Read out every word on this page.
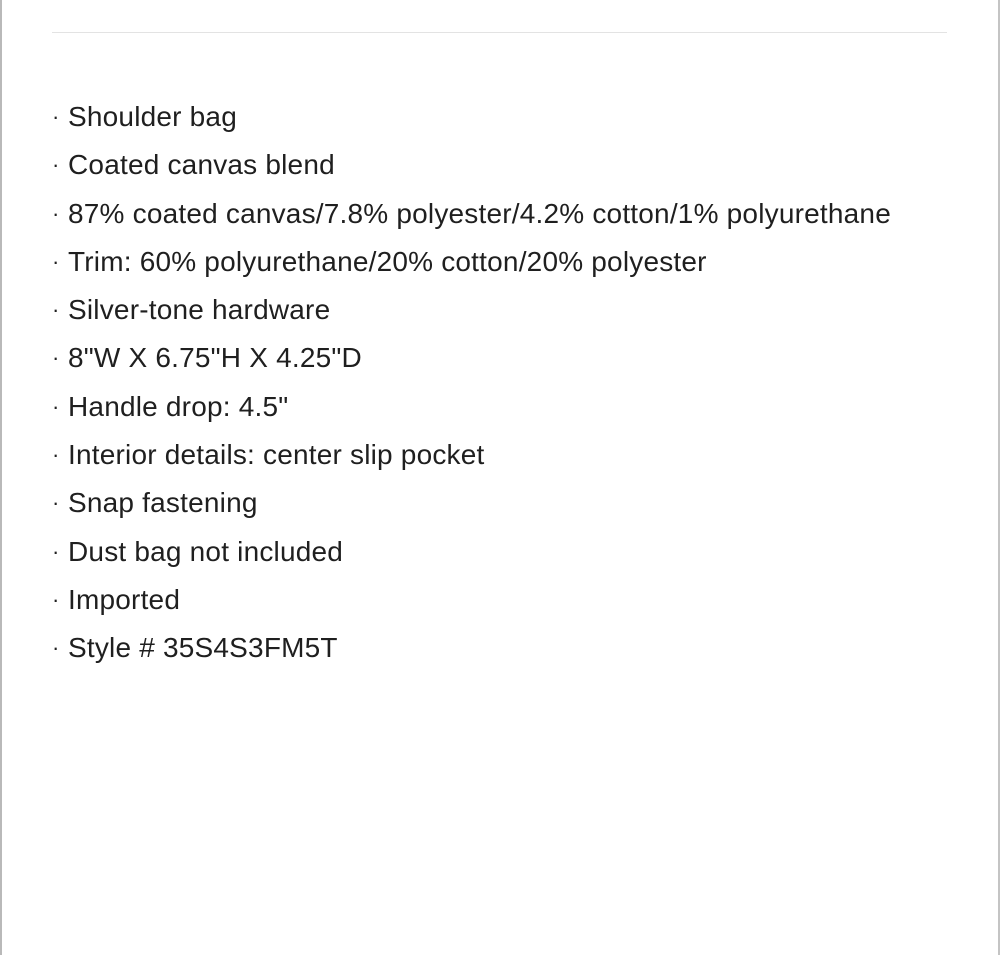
· Shoulder bag
· Coated canvas blend
· 87% coated canvas/7.8% polyester/4.2% cotton/1% polyurethane
· Trim: 60% polyurethane/20% cotton/20% polyester
· Silver-tone hardware
· 8"W X 6.75"H X 4.25"D
· Handle drop: 4.5"
· Interior details: center slip pocket
· Snap fastening
· Dust bag not included
· Imported
· Style # 35S4S3FM5T
